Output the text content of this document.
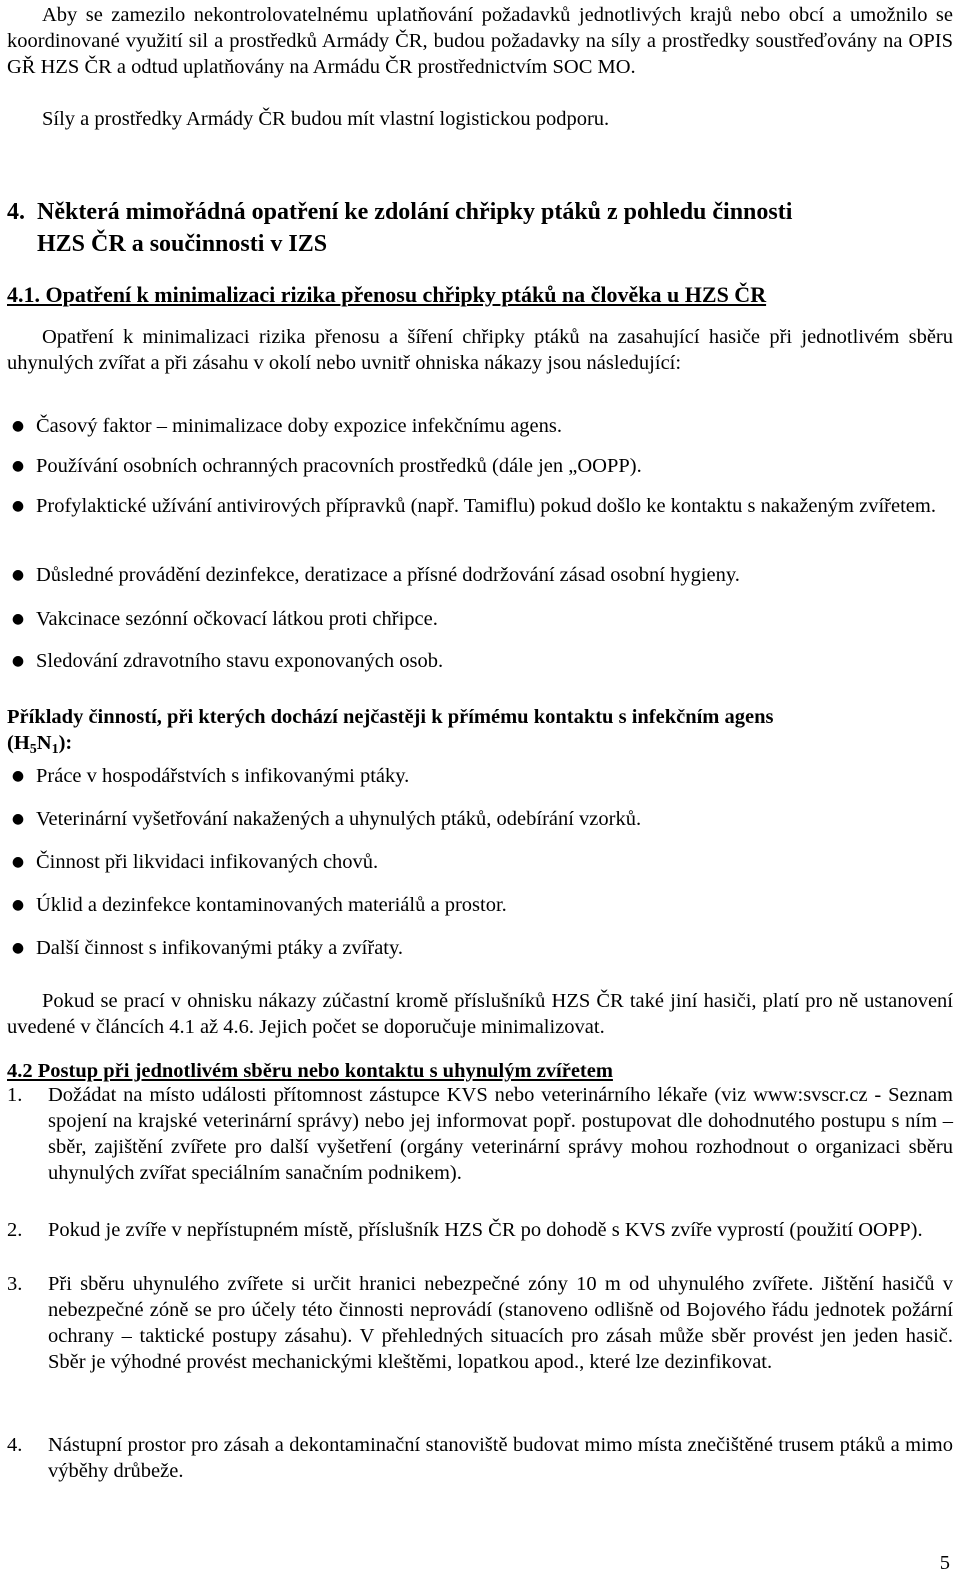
Aby se zamezilo nekontrolovatelnému uplatňování požadavků jednotlivých krajů nebo obcí a umožnilo se koordinované využití sil a prostředků Armády ČR, budou požadavky na síly a prostředky soustřeďovány na OPIS GŘ HZS ČR a odtud uplatňovány na Armádu ČR prostřednictvím SOC MO.

Síly a prostředky Armády ČR budou mít vlastní logistickou podporu.

4. Některá mimořádná opatření ke zdolání chřipky ptáků z pohledu činnosti
HZS ČR a součinnosti v IZS

4.1. Opatření k minimalizaci rizika přenosu chřipky ptáků na člověka u HZS ČR

Opatření k minimalizaci rizika přenosu a šíření chřipky ptáků na zasahující hasiče při jednotlivém sběru uhynulých zvířat a při zásahu v okolí nebo uvnitř ohniska nákazy jsou následující:

● Časový faktor – minimalizace doby expozice infekčnímu agens.
● Používání osobních ochranných pracovních prostředků (dále jen „OOPP).
● Profylaktické užívání antivirových přípravků (např. Tamiflu) pokud došlo ke kontaktu s nakaženým zvířetem.
● Důsledné provádění dezinfekce, deratizace a přísné dodržování zásad osobní hygieny.
● Vakcinace sezónní očkovací látkou proti chřipce.
● Sledování zdravotního stavu exponovaných osob.

Příklady činností, při kterých dochází nejčastěji k přímému kontaktu s infekčním agens
$(H_5N_1)$:

● Práce v hospodářstvích s infikovanými ptáky.
● Veterinární vyšetřování nakažených a uhynulých ptáků, odebírání vzorků.
● Činnost při likvidaci infikovaných chovů.
● Úklid a dezinfekce kontaminovaných materiálů a prostor.
● Další činnost s infikovanými ptáky a zvířaty.

Pokud se prací v ohnisku nákazy zúčastní kromě příslušníků HZS ČR také jiní hasiči, platí pro ně ustanovení uvedené v článcích 4.1 až 4.6. Jejich počet se doporučuje minimalizovat.

4.2 Postup při jednotlivém sběru nebo kontaktu s uhynulým zvířetem

1.	Dožádat na místo události přítomnost zástupce KVS nebo veterinárního lékaře (viz www:svscr.cz - Seznam spojení na krajské veterinární správy) nebo jej informovat popř. postupovat dle dohodnutého postupu s ním – sběr, zajištění zvířete pro další vyšetření (orgány veterinární správy mohou rozhodnout o organizaci sběru uhynulých zvířat speciálním sanačním podnikem).
2.	Pokud je zvíře v nepřístupném místě, příslušník HZS ČR po dohodě s KVS zvíře vyprostí (použití OOPP).
3.	Při sběru uhynulého zvířete si určit hranici nebezpečné zóny 10 m od uhynulého zvířete. Jištění hasičů v nebezpečné zóně se pro účely této činnosti neprovádí (stanoveno odlišně od Bojového řádu jednotek požární ochrany – taktické postupy zásahu). V přehledných situacích pro zásah může sběr provést jen jeden hasič. Sběr je výhodné provést mechanickými kleštěmi, lopatkou apod., které lze dezinfikovat.
4.	Nástupní prostor pro zásah a dekontaminační stanoviště budovat mimo místa znečištěné trusem ptáků a mimo výběhy drůbeže.
5
